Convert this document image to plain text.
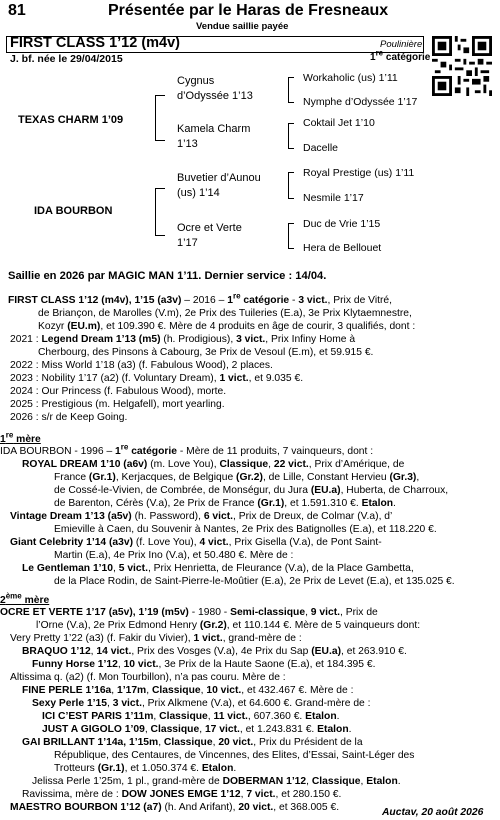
81	Présentée par le Haras de Fresneaux
Vendue saillie payée
FIRST CLASS 1’12 (m4v)	Poulinière
1re catégorie
J. bf. née le 29/04/2015
TEXAS CHARM 1’09
IDA BOURBON
Cygnus
d’Odyssée 1’13
Kamela Charm
1’13
Buvetier d’Aunou
(us) 1’14
Ocre et Verte
1’17
Workaholic (us) 1’11
Nymphe d’Odyssée 1’17
Coktail Jet 1’10
Dacelle
Royal Prestige (us) 1’11
Nesmile 1’17
Duc de Vrie 1’15
Hera de Bellouet
Saillie en 2026 par MAGIC MAN 1’11. Dernier service : 14/04.
FIRST CLASS 1’12 (m4v), 1’15 (a3v) – 2016 – 1re catégorie - 3 vict., Prix de Vitré,
de Briançon, de Marolles (V.m), 2e Prix des Tuileries (E.a), 3e Prix Klytaemnestre,
Kozyr (EU.m), et 109.390 €. Mère de 4 produits en âge de courir, 3 qualifiés, dont :
2021 : Legend Dream 1’13 (m5) (h. Prodigious), 3 vict., Prix Infiny Home à
Cherbourg, des Pinsons à Cabourg, 3e Prix de Vesoul (E.m), et 59.915 €.
2022 : Miss World 1’18 (a3) (f. Fabulous Wood), 2 places.
2023 : Nobility 1’17 (a2) (f. Voluntary Dream), 1 vict., et 9.035 €.
2024 : Our Princess (f. Fabulous Wood), morte.
2025 : Prestigious (m. Helgafell), mort yearling.
2026 : s/r de Keep Going.
1re mère
IDA BOURBON - 1996 – 1re catégorie - Mère de 11 produits, 7 vainqueurs, dont :
ROYAL DREAM 1’10 (a6v) (m. Love You), Classique, 22 vict., Prix d’Amérique, de
France (Gr.1), Kerjacques, de Belgique (Gr.2), de Lille, Constant Hervieu (Gr.3),
de Cossé-le-Vivien, de Combrée, de Monségur, du Jura (EU.a), Huberta, de Charroux,
de Barenton, Cérès (V.a), 2e Prix de France (Gr.1), et 1.591.310 €. Etalon.
Vintage Dream 1’13 (a5v) (h. Password), 6 vict., Prix de Dreux, de Colmar (V.a), d’
Emieville à Caen, du Souvenir à Nantes, 2e Prix des Batignolles (E.a), et 118.220 €.
Giant Celebrity 1’14 (a3v) (f. Love You), 4 vict., Prix Gisella (V.a), de Pont Saint-
Martin (E.a), 4e Prix Ino (V.a), et 50.480 €. Mère de :
Le Gentleman 1’10, 5 vict., Prix Henrietta, de Fleurance (V.a), de la Place Gambetta,
de la Place Rodin, de Saint-Pierre-le-Moûtier (E.a), 2e Prix de Levet (E.a), et 135.025 €.
2ème mère
OCRE ET VERTE 1’17 (a5v), 1’19 (m5v) - 1980 - Semi-classique, 9 vict., Prix de
l’Orne (V.a), 2e Prix Edmond Henry (Gr.2), et 110.144 €. Mère de 5 vainqueurs dont:
Very Pretty 1’22 (a3) (f. Fakir du Vivier), 1 vict., grand-mère de :
BRAQUO 1’12, 14 vict., Prix des Vosges (V.a), 4e Prix du Sap (EU.a), et 263.910 €.
Funny Horse 1’12, 10 vict., 3e Prix de la Haute Saone (E.a), et 184.395 €.
Altissima q. (a2) (f. Mon Tourbillon), n’a pas couru. Mère de :
FINE PERLE 1’16a, 1’17m, Classique, 10 vict., et 432.467 €. Mère de :
Sexy Perle 1’15, 3 vict., Prix Alkmene (V.a), et 64.600 €. Grand-mère de :
ICI C’EST PARIS 1’11m, Classique, 11 vict., 607.360 €. Etalon.
JUST A GIGOLO 1’09, Classique, 17 vict., et 1.243.831 €. Etalon.
GAI BRILLANT 1’14a, 1’15m, Classique, 20 vict., Prix du Président de la
République, des Centaures, de Vincennes, des Elites, d’Essai, Saint-Léger des
Trotteurs (Gr.1), et 1.050.374 €. Etalon.
Jelissa Perle 1’25m, 1 pl., grand-mère de DOBERMAN 1’12, Classique, Etalon.
Ravissima, mère de : DOW JONES EMGE 1’12, 7 vict., et 280.150 €.
MAESTRO BOURBON 1’12 (a7) (h. And Arifant), 20 vict., et 368.005 €.	Auctav, 20 août 2026
